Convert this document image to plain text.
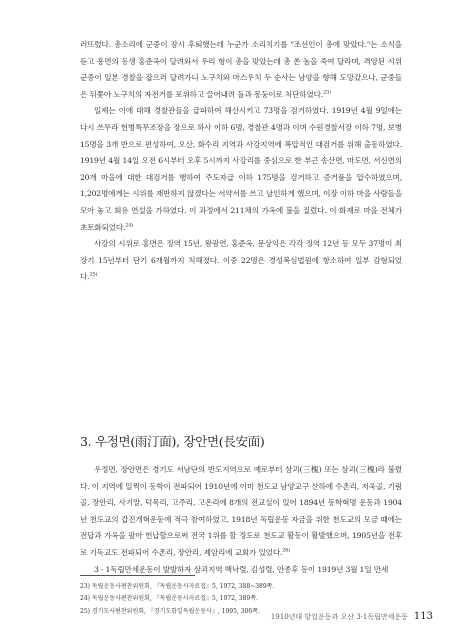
러뜨렸다. 총소리에 군중이 잠시 후퇴했는데 누군가 소리치기를 "조선인이 총에 맞았다."는 소식을 듣고 흥면의 동생 홍준옥이 달려와서 우리 형이 총을 맞았는데 총 쏜 놈을 죽여 달라며, 격앙된 시위 군중이 일본 경찰을 잡으러 달려가니 노구치와 마스우치 두 순사는 남양을 향해 도망갔으나, 군중들은 뒤쫓아 노구치의 자전거를 포위하고 끌어내려 돌과 몽둥이로 처단하였다.$^{23)}$

일제는 이에 대해 경찰관들을 급파하여 해산시키고 73명을 검거하였다. 1919년 4월 9일에는 다시 쓰무라 헌병특무조장을 장으로 하사 이하 6명, 경찰관 4명과 이며 수원경찰서장 이하 7명, 보병 15명을 3개 반으로 편성하여, 오산, 화수리 지역과 사강지역에 폭압적인 대검거를 위해 출동하였다. 1919년 4월 14일 오전 6시부터 오후 5시까지 사강리를 중심으로 한 부근 송산면, 마도면, 서신면의 20개 마을에 대한 대검거를 행하여 주도자급 이하 175명을 검거하고 증거품을 압수하였으며, 1,202명에게는 시위를 재반하지 않겠다는 서약서를 쓰고 날인하게 했으며, 이장 이하 마을 사람들을 모아 놓고 회유 연설을 가하였다. 이 과정에서 211채의 가옥에 불을 질렀다. 이 화재로 마을 전체가 초토화되었다.$^{24)}$

사강의 시위로 홍면은 징역 15년, 왕광연, 홍준옥, 문상익은 각각 징역 12년 등 모두 37명이 최장기 15년부터 단기 6개월까지 처해졌다. 이중 22명은 경성복심법원에 항소하여 일부 감형되었다.$^{25)}$

3. 우정면(雨汀面), 장안면(長安面)

우정면, 장안면은 경기도 서남단의 반도지역으로 예로부터 삼괴(三槐) 또는 삼괴(三槐)라 불렸다. 이 지역에 일찍이 동학이 전파되어 1910년에 이미 천도교 남양교구 산하에 수촌리, 저욱골, 기림골, 장안리, 사기말, 덕목리, 고주리, 고온리에 8개의 전교실이 있어 1894년 동학혁명 운동과 1904년 천도교의 갑진개혁운동에 적극 참여하였고, 1918년 독립운동 자금을 위한 천도교의 모금 때에는 전답과 가옥을 팔아 헌납할으로써 전국 1위를 할 정도로 천도교 활동이 활발했으며, 1905년을 전후로 기독교도 전파되어 수촌리, 장안리, 제암리에 교회가 있었다.$^{26)}$

3 · 1독립만세운동이 발발하자 삼괴지역 백낙렬, 김성렬, 안종후 등이 1919년 3월 1일 만세

23) 독립운동사편찬위원회, 『독립운동사자료집』5, 1972, 388~389쪽.
24) 독립운동사편찬위원회, 『독립운동사자료집』5, 1972, 389쪽.
25) 경기도사편찬위원회, 『경기도항일독립운동사』, 1995, 306쪽.
1910년대 항일운동과 오산 3·1독립만세운동 113
